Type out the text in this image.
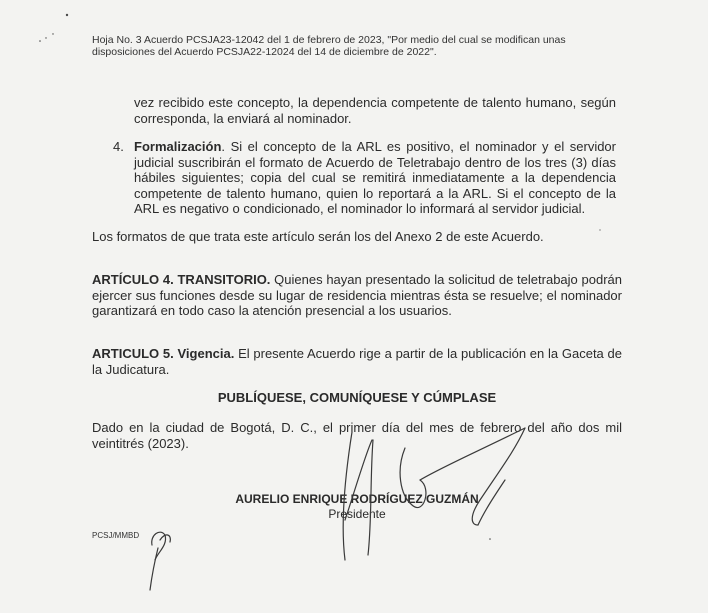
Hoja No. 3 Acuerdo PCSJA23-12042 del 1 de febrero de 2023, "Por medio del cual se modifican unas disposiciones del Acuerdo PCSJA22-12024 del 14 de diciembre de 2022".
vez recibido este concepto, la dependencia competente de talento humano, según corresponda, la enviará al nominador.
4. Formalización. Si el concepto de la ARL es positivo, el nominador y el servidor judicial suscribirán el formato de Acuerdo de Teletrabajo dentro de los tres (3) días hábiles siguientes; copia del cual se remitirá inmediatamente a la dependencia competente de talento humano, quien lo reportará a la ARL. Si el concepto de la ARL es negativo o condicionado, el nominador lo informará al servidor judicial.
Los formatos de que trata este artículo serán los del Anexo 2 de este Acuerdo.
ARTÍCULO 4. TRANSITORIO. Quienes hayan presentado la solicitud de teletrabajo podrán ejercer sus funciones desde su lugar de residencia mientras ésta se resuelve; el nominador garantizará en todo caso la atención presencial a los usuarios.
ARTICULO 5. Vigencia. El presente Acuerdo rige a partir de la publicación en la Gaceta de la Judicatura.
PUBLÍQUESE, COMUNÍQUESE Y CÚMPLASE
Dado en la ciudad de Bogotá, D. C., el primer día del mes de febrero del año dos mil veintitrés (2023).
AURELIO ENRIQUE RODRÍGUEZ GUZMÁN
Presidente
PCSJ/MMBD
